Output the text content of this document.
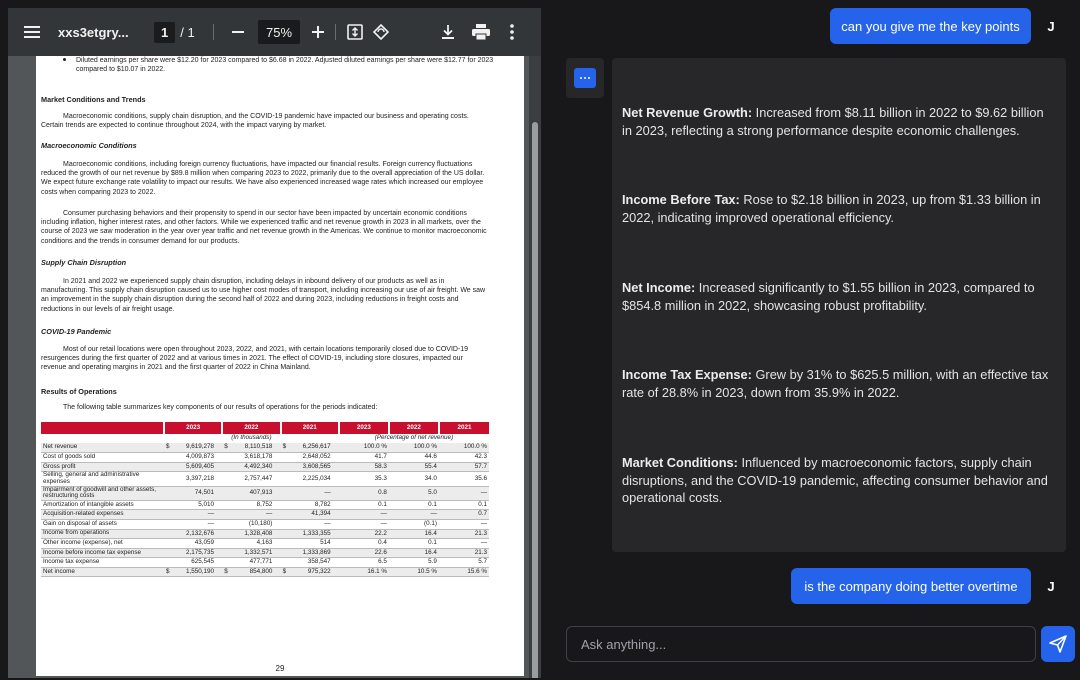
xxs3etgry...	1 / 1	75%
Diluted earnings per share were $12.20 for 2023 compared to $6.68 in 2022. Adjusted diluted earnings per share were $12.77 for 2023 compared to $10.07 in 2022.
Market Conditions and Trends
Macroeconomic conditions, supply chain disruption, and the COVID-19 pandemic have impacted our business and operating costs. Certain trends are expected to continue throughout 2024, with the impact varying by market.
Macroeconomic Conditions
Macroeconomic conditions, including foreign currency fluctuations, have impacted our financial results. Foreign currency fluctuations reduced the growth of our net revenue by $89.8 million when comparing 2023 to 2022, primarily due to the overall appreciation of the US dollar. We expect future exchange rate volatility to impact our results. We have also experienced increased wage rates which increased our employee costs when comparing 2023 to 2022.
Consumer purchasing behaviors and their propensity to spend in our sector have been impacted by uncertain economic conditions including inflation, higher interest rates, and other factors. While we experienced traffic and net revenue growth in 2023 in all markets, over the course of 2023 we saw moderation in the year over year traffic and net revenue growth in the Americas. We continue to monitor macroeconomic conditions and the trends in consumer demand for our products.
Supply Chain Disruption
In 2021 and 2022 we experienced supply chain disruption, including delays in inbound delivery of our products as well as in manufacturing. This supply chain disruption caused us to use higher cost modes of transport, including increasing our use of air freight. We saw an improvement in the supply chain disruption during the second half of 2022 and during 2023, including reductions in freight costs and reductions in our levels of air freight usage.
COVID-19 Pandemic
Most of our retail locations were open throughout 2023, 2022, and 2021, with certain locations temporarily closed due to COVID-19 resurgences during the first quarter of 2022 and at various times in 2021. The effect of COVID-19, including store closures, impacted our revenue and operating margins in 2021 and the first quarter of 2022 in China Mainland.
Results of Operations
The following table summarizes key components of our results of operations for the periods indicated:
	2023			2022			2021			2023	2022	2021
	(In thousands)									(Percentage of net revenue)		
Net revenue	$	9,619,278		$	8,110,518		$	6,256,617		100.0 %	100.0 %	100.0 %
Cost of goods sold		4,009,873			3,618,178			2,648,052		41.7	44.6	42.3
Gross profit		5,609,405			4,492,340			3,608,565		58.3	55.4	57.7
Selling, general and administrative expenses		3,397,218			2,757,447			2,225,034		35.3	34.0	35.6
Impairment of goodwill and other assets, restructuring costs		74,501			407,913			—		0.8	5.0	—
Amortization of intangible assets		5,010			8,752			8,782		0.1	0.1	0.1
Acquisition-related expenses		—			—			41,394		—	—	0.7
Gain on disposal of assets		—			(10,180)			—		—	(0.1)	—
Income from operations		2,132,676			1,328,408			1,333,355		22.2	16.4	21.3
Other income (expense), net		43,059			4,163			514		0.4	0.1	—
Income before income tax expense		2,175,735			1,332,571			1,333,869		22.6	16.4	21.3
Income tax expense		625,545			477,771			358,547		6.5	5.9	5.7
Net income	$	1,550,190		$	854,800		$	975,322		16.1 %	10.5 %	15.6 %
29
can you give me the key points	J
Net Revenue Growth: Increased from $8.11 billion in 2022 to $9.62 billion in 2023, reflecting a strong performance despite economic challenges.
Income Before Tax: Rose to $2.18 billion in 2023, up from $1.33 billion in 2022, indicating improved operational efficiency.
Net Income: Increased significantly to $1.55 billion in 2023, compared to $854.8 million in 2022, showcasing robust profitability.
Income Tax Expense: Grew by 31% to $625.5 million, with an effective tax rate of 28.8% in 2023, down from 35.9% in 2022.
Market Conditions: Influenced by macroeconomic factors, supply chain disruptions, and the COVID-19 pandemic, affecting consumer behavior and operational costs.
is the company doing better overtime	J
Ask anything...
